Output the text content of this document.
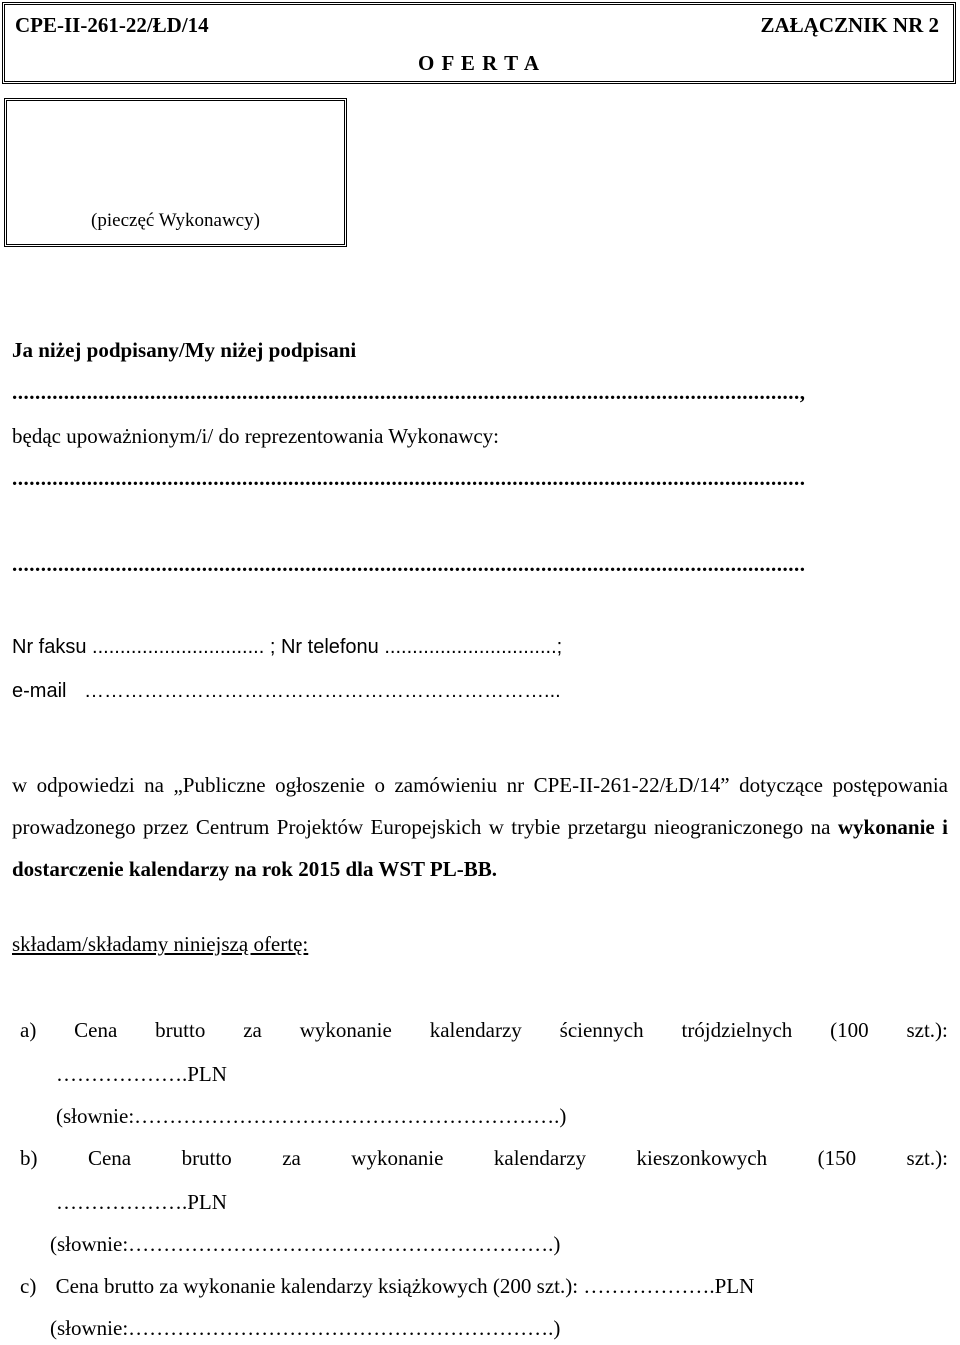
CPE-II-261-22/ŁD/14	ZAŁĄCZNIK NR 2
O F E R T A
(pieczęć Wykonawcy)
Ja niżej podpisany/My niżej podpisani
.........................................................................................................................................,
będąc upoważnionym/i/ do reprezentowania Wykonawcy:
..........................................................................................................................................
..........................................................................................................................................
Nr faksu ............................... ; Nr telefonu ...............................;
e-mail ……………………………………………………………...
w odpowiedzi na „Publiczne ogłoszenie o zamówieniu nr CPE-II-261-22/ŁD/14” dotyczące postępowania prowadzonego przez Centrum Projektów Europejskich w trybie przetargu nieograniczonego na wykonanie i dostarczenie kalendarzy na rok 2015 dla WST PL-BB.
składam/składamy niniejszą ofertę:
a) Cena brutto za wykonanie kalendarzy ściennych trójdzielnych (100 szt.):
……………….PLN
(słownie:…………………………………………………….)
b) Cena brutto za wykonanie kalendarzy kieszonkowych (150 szt.):
……………….PLN
(słownie:…………………………………………………….)
c) Cena brutto za wykonanie kalendarzy książkowych (200 szt.): ……………….PLN
(słownie:…………………………………………………….)
